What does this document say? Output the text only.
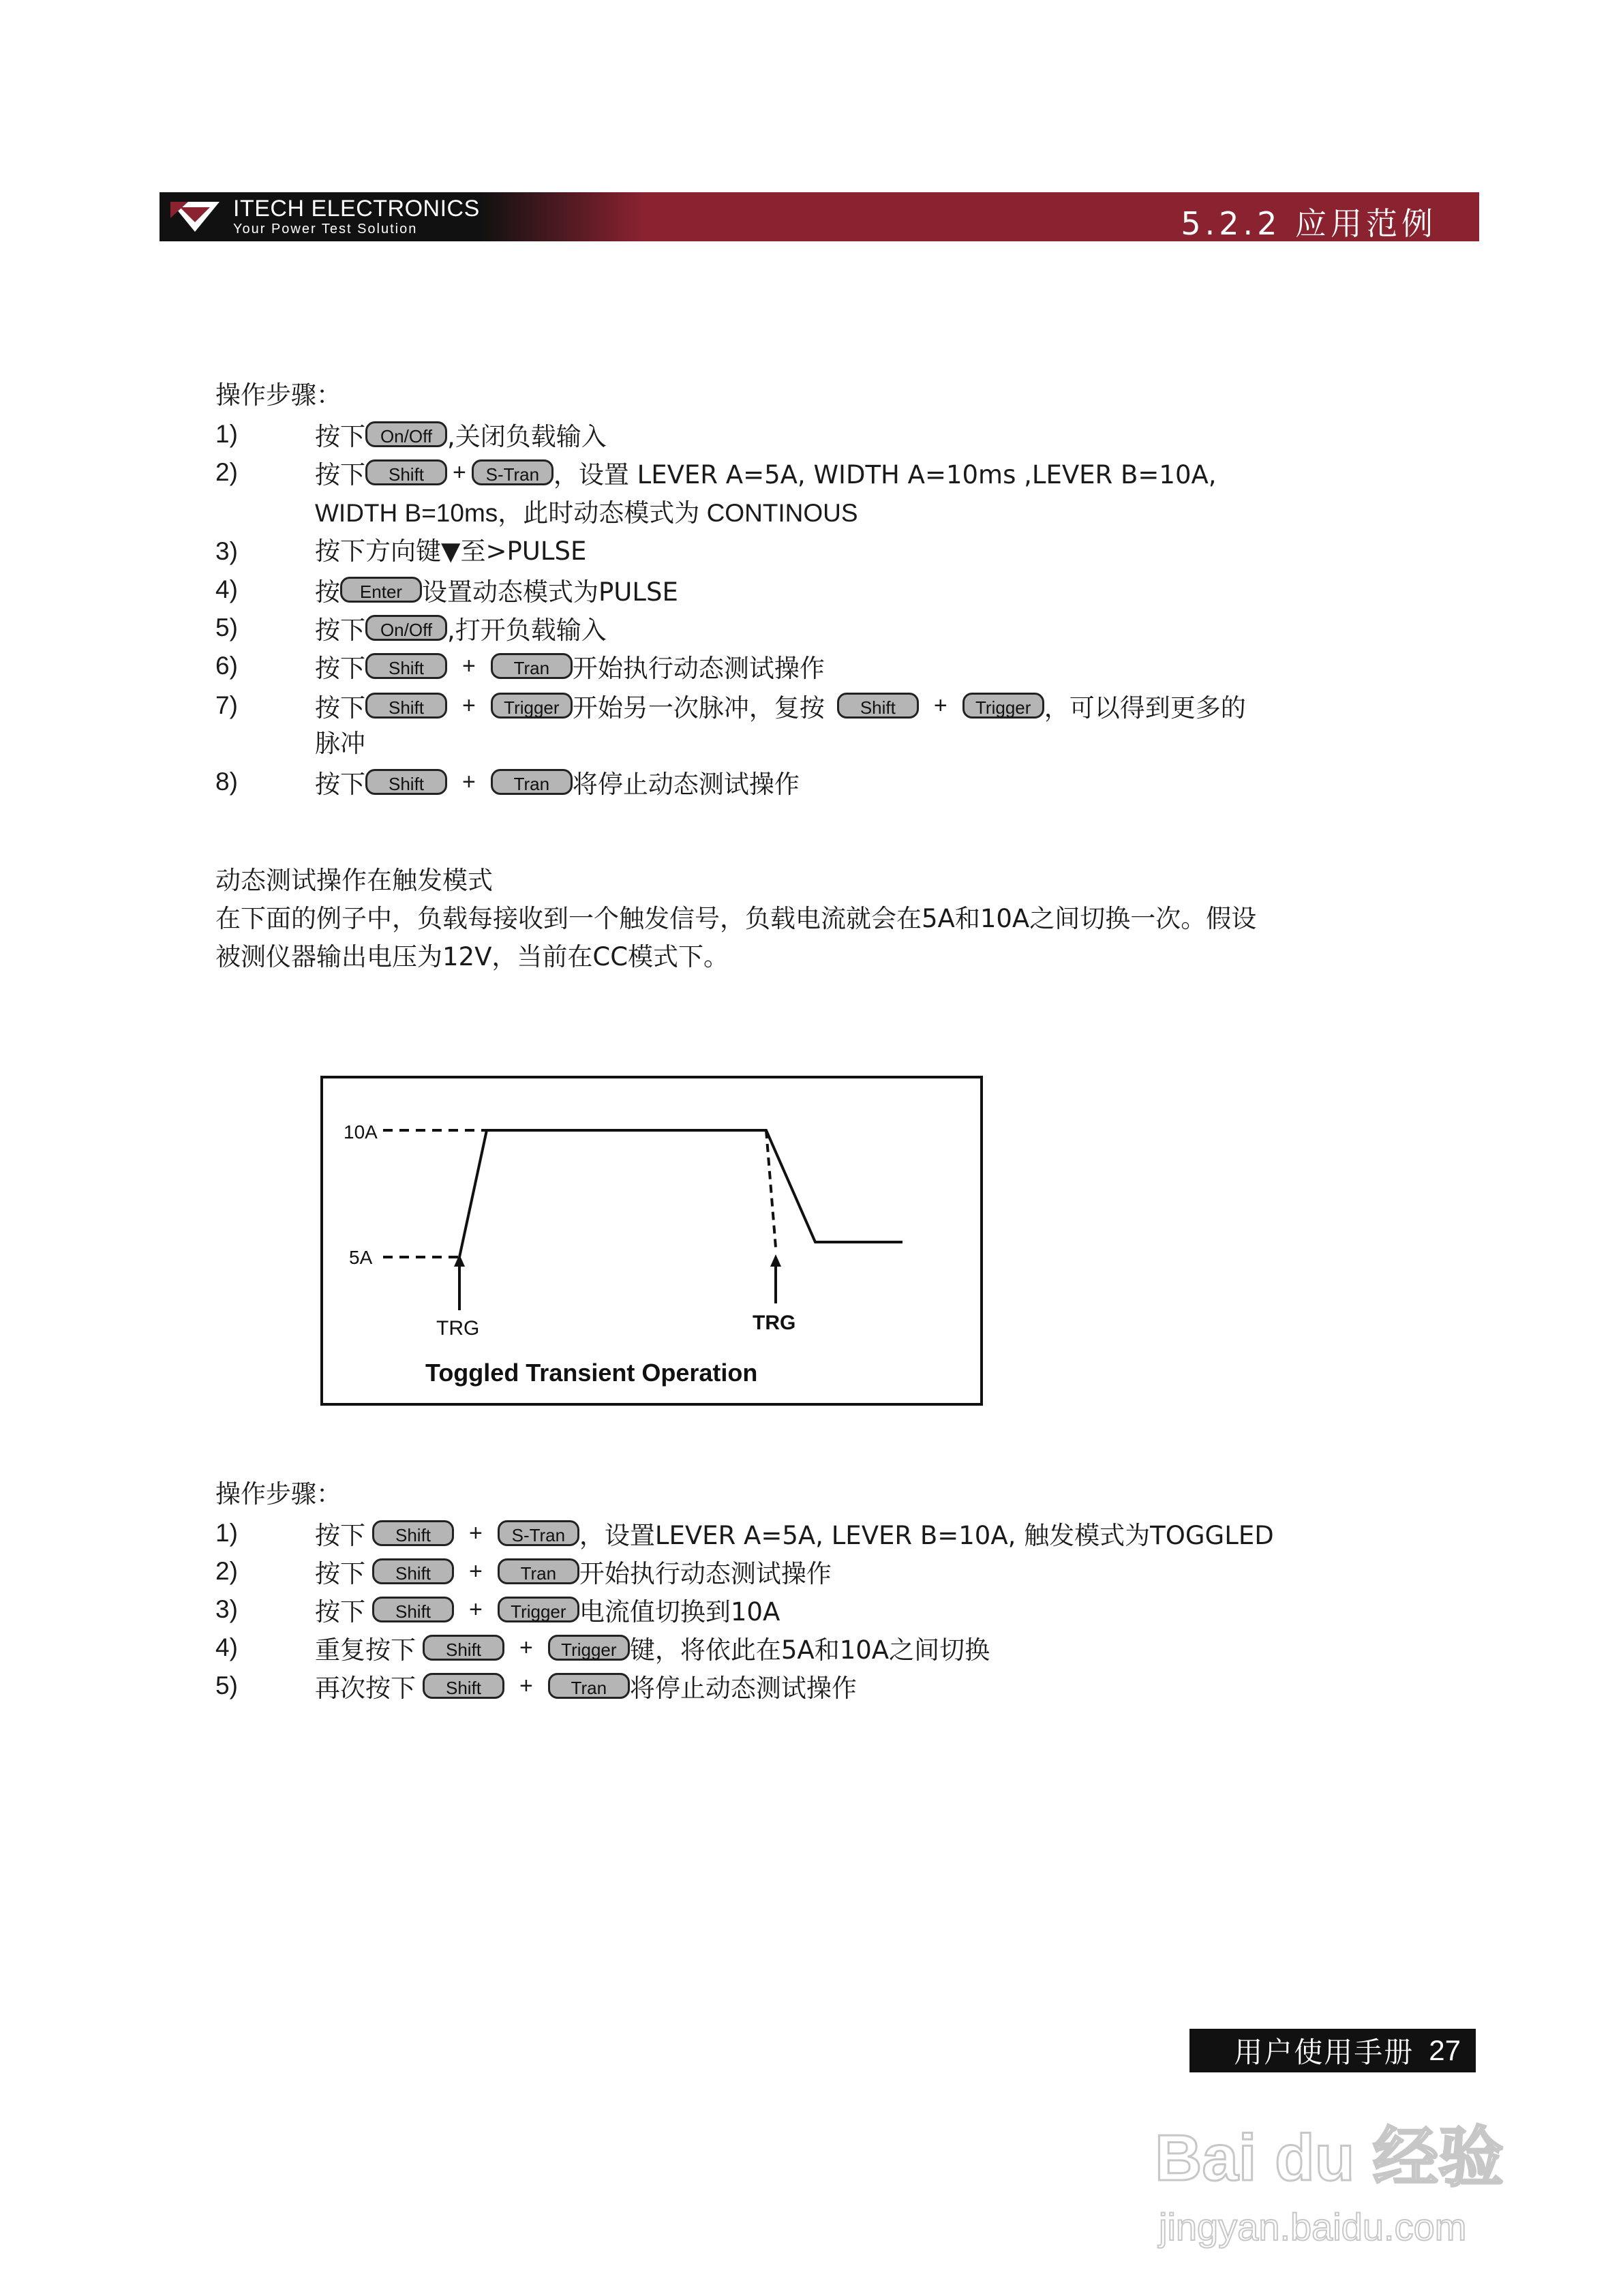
ITECH ELECTRONICS
Your Power Test Solution	5.2.2 应用范例
操作步骤：
1)	按下 On/Off ,关闭负载输入
2)	按下	Shift	+	S-Tran ，设置 LEVER A=5A, WIDTH A=10ms ,LEVER B=10A,
WIDTH B=10ms，此时动态模式为 CONTINOUS
3)	按下方向键▼至>PULSE
4)	按	Enter 设置动态模式为PULSE
5)	按下 On/Off ,打开负载输入
6)	按下	Shift	+	Tran 开始执行动态测试操作
7)	按下	Shift	+	Trigger 开始另一次脉冲，复按	Shift	+	Trigger ，可以得到更多的
脉冲
8)	按下	Shift	+	Tran 将停止动态测试操作
动态测试操作在触发模式
在下面的例子中，负载每接收到一个触发信号，负载电流就会在5A和10A之间切换一次。假设
被测仪器输出电压为12V，当前在CC模式下。
10A
5A
TRG	TRG
Toggled Transient Operation
操作步骤：
1)	按下	Shift	+	S-Tran ，设置LEVER A=5A, LEVER B=10A, 触发模式为TOGGLED
2)	按下	Shift	+	Tran 开始执行动态测试操作
3)	按下	Shift	+	Trigger 电流值切换到10A
4)	重复按下	Shift	+	Trigger 键，将依此在5A和10A之间切换
5)	再次按下	Shift	+	Tran 将停止动态测试操作
用户使用手册 27
Bai du 经验
jingyan.baidu.com
